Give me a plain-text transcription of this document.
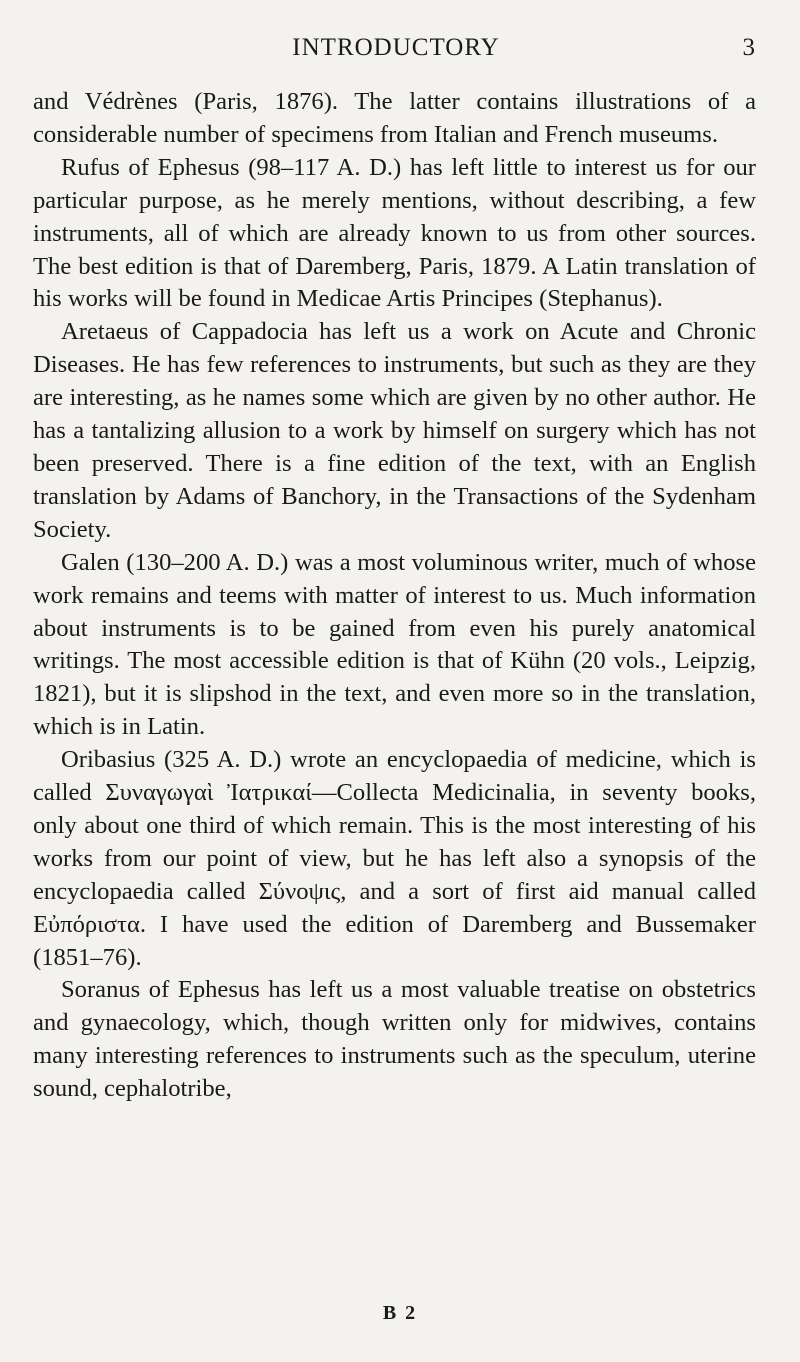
INTRODUCTORY	3

and Védrènes (Paris, 1876). The latter contains illustrations of a considerable number of specimens from Italian and French museums.

Rufus of Ephesus (98–117 A. D.) has left little to interest us for our particular purpose, as he merely mentions, without describing, a few instruments, all of which are already known to us from other sources. The best edition is that of Daremberg, Paris, 1879. A Latin translation of his works will be found in Medicae Artis Principes (Stephanus).

Aretaeus of Cappadocia has left us a work on Acute and Chronic Diseases. He has few references to instruments, but such as they are they are interesting, as he names some which are given by no other author. He has a tantalizing allusion to a work by himself on surgery which has not been preserved. There is a fine edition of the text, with an English translation by Adams of Banchory, in the Transactions of the Sydenham Society.

Galen (130–200 A. D.) was a most voluminous writer, much of whose work remains and teems with matter of interest to us. Much information about instruments is to be gained from even his purely anatomical writings. The most accessible edition is that of Kühn (20 vols., Leipzig, 1821), but it is slipshod in the text, and even more so in the translation, which is in Latin.

Oribasius (325 A. D.) wrote an encyclopaedia of medicine, which is called Συναγωγαὶ Ἰατρικαί—Collecta Medicinalia, in seventy books, only about one third of which remain. This is the most interesting of his works from our point of view, but he has left also a synopsis of the encyclopaedia called Σύνοψις, and a sort of first aid manual called Εὐπόριστα. I have used the edition of Daremberg and Bussemaker (1851–76).

Soranus of Ephesus has left us a most valuable treatise on obstetrics and gynaecology, which, though written only for midwives, contains many interesting references to instruments such as the speculum, uterine sound, cephalotribe,

B 2
